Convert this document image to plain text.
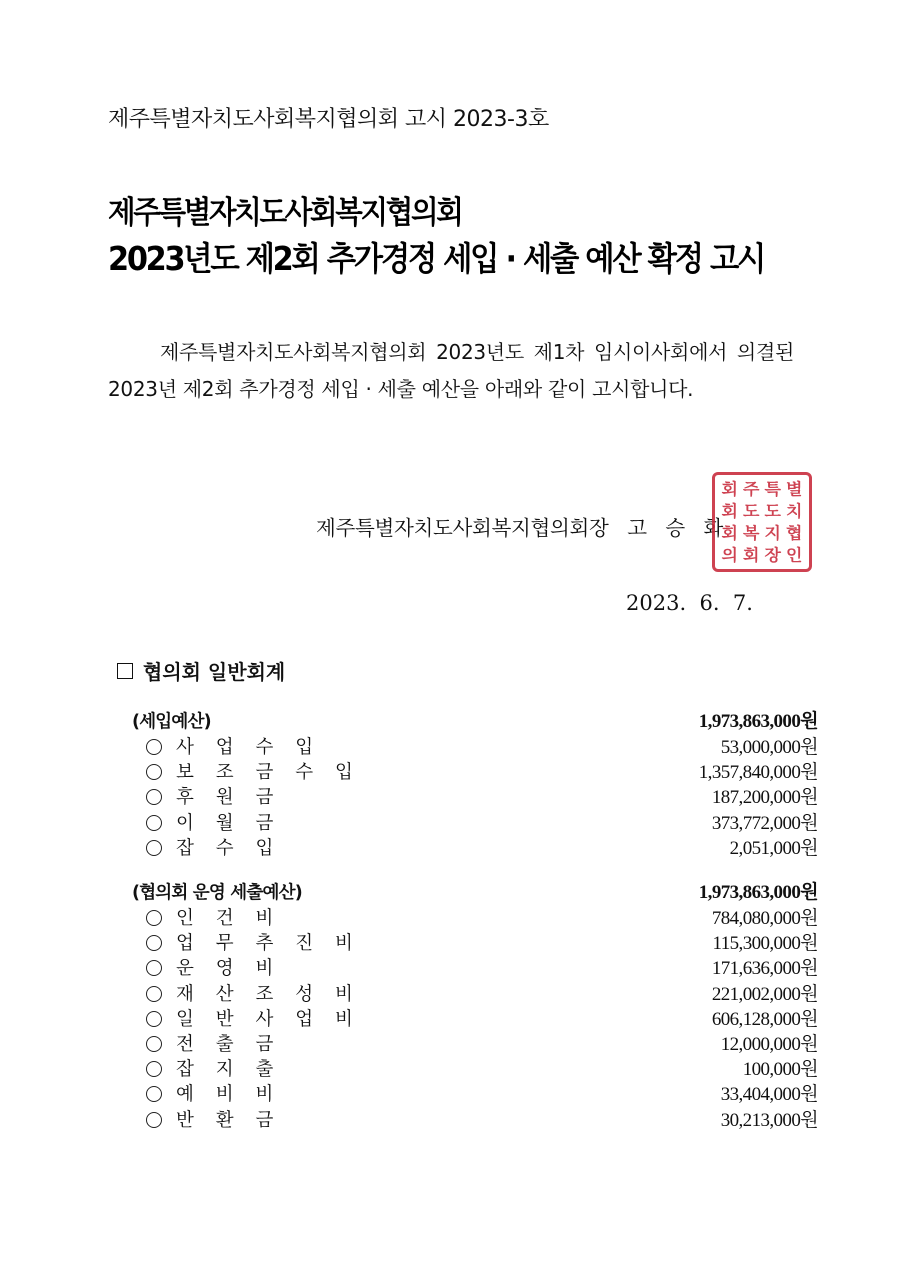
제주특별자치도사회복지협의회 고시 2023-3호
제주특별자치도사회복지협의회
2023년도 제2회 추가경정 세입 · 세출 예산 확정 고시
제주특별자치도사회복지협의회 2023년도 제1차 임시이사회에서 의결된 2023년 제2회 추가경정 세입 · 세출 예산을 아래와 같이 고시합니다.
제주특별자치도사회복지협의회장   고   승   화
회 주 특 별
회 도 도 치
회 복 지 협
의 회 장 인
2023.  6.  7.
협의회 일반회계
(세입예산)	1,973,863,000원
사 업 수 입	53,000,000원
보 조 금 수 입	1,357,840,000원
후 원 금	187,200,000원
이 월 금	373,772,000원
잡 수 입	2,051,000원
(협의회 운영 세출예산)	1,973,863,000원
인 건 비	784,080,000원
업 무 추 진 비	115,300,000원
운 영 비	171,636,000원
재 산 조 성 비	221,002,000원
일 반 사 업 비	606,128,000원
전 출 금	12,000,000원
잡 지 출	100,000원
예 비 비	33,404,000원
반 환 금	30,213,000원
